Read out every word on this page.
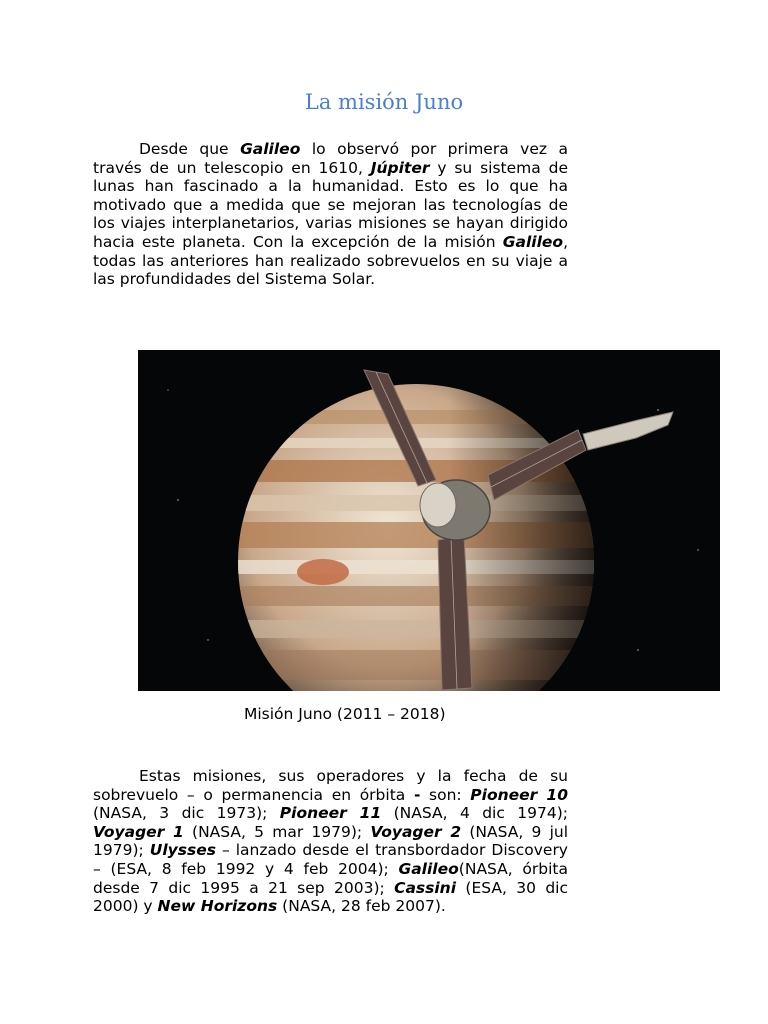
La misión Juno

Desde que Galileo lo observó por primera vez a través de un telescopio en 1610, Júpiter y su sistema de lunas han fascinado a la humanidad. Esto es lo que ha motivado que a medida que se mejoran las tecnologías de los viajes interplanetarios, varias misiones se hayan dirigido hacia este planeta. Con la excepción de la misión Galileo, todas las anteriores han realizado sobrevuelos en su viaje a las profundidades del Sistema Solar.

Misión Juno (2011 – 2018)

Estas misiones, sus operadores y la fecha de su sobrevuelo – o permanencia en órbita - son: Pioneer 10 (NASA, 3 dic 1973); Pioneer 11 (NASA, 4 dic 1974); Voyager 1 (NASA, 5 mar 1979); Voyager 2 (NASA, 9 jul 1979); Ulysses – lanzado desde el transbordador Discovery – (ESA, 8 feb 1992 y 4 feb 2004); Galileo(NASA, órbita desde 7 dic 1995 a 21 sep 2003); Cassini (ESA, 30 dic 2000) y New Horizons (NASA, 28 feb 2007).
